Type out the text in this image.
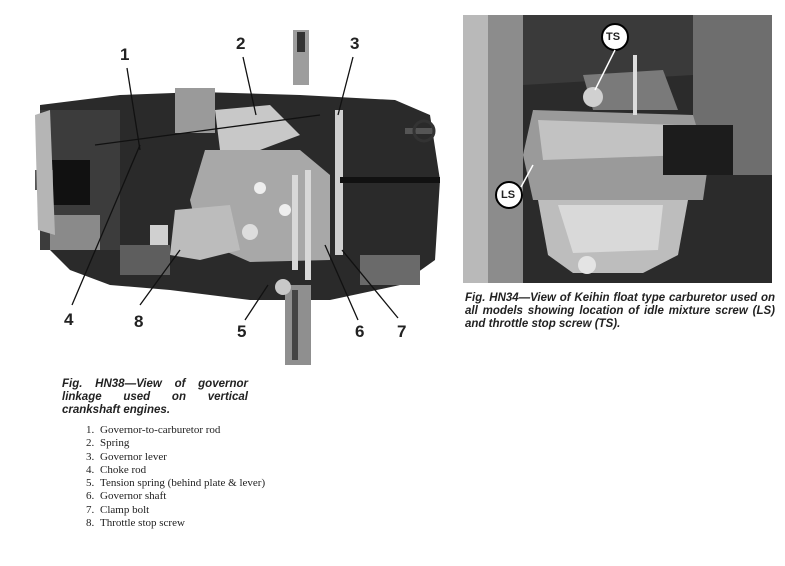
1
2	3
4	8
5	6 7
TS
LS
Fig. HN38—View of governor linkage used on vertical crankshaft engines.
Fig. HN34—View of Keihin float type carburetor used on all models showing location of idle mixture screw (LS) and throttle stop screw (TS).
1. Governor-to-carburetor rod
2. Spring
3. Governor lever
4. Choke rod
5. Tension spring (behind plate & lever)
6. Governor shaft
7. Clamp bolt
8. Throttle stop screw
